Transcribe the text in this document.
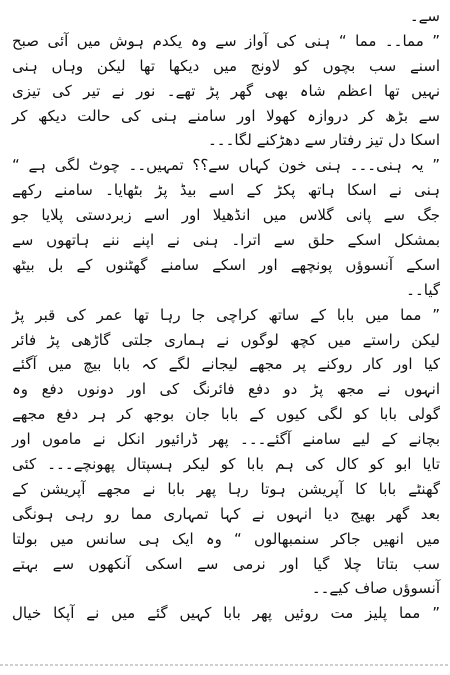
سے۔
” مما۔۔ مما “ ہنی کی آواز سے وہ یکدم ہوش میں آئی صبح
اسنے سب بچوں کو لاونج میں دیکھا تھا لیکن وہاں ہنی
نہیں تھا اعظم شاہ بھی گھر پڑ تھے۔ نور نے تیر کی تیزی
سے بڑھ کر دروازہ کھولا اور سامنے ہنی کی حالت دیکھ کر
اسکا دل تیز رفتار سے دھڑکنے لگا۔۔۔
” یہ ہنی۔۔۔ ہنی خون کہاں سے؟؟ تمہیں۔۔ چوٹ لگی ہے “
ہنی نے اسکا ہاتھ پکڑ کے اسے بیڈ پڑ بٹھایا۔ سامنے رکھے
جگ سے پانی گلاس میں انڈھیلا اور اسے زبردستی پلایا جو
بمشکل اسکے حلق سے اترا۔ ہنی نے اپنے ننے ہاتھوں سے
اسکے آنسوؤں پونچھے اور اسکے سامنے گھٹنوں کے بل بیٹھ
گیا۔۔
” مما میں بابا کے ساتھ کراچی جا رہا تھا عمر کی قبر پڑ
لیکن راستے میں کچھ لوگوں نے ہماری جلتی گاڑھی پڑ فائر
کیا اور کار روکنے پر مجھے لیجانے لگے کہ بابا بیچ میں آگئے
انہوں نے مجھ پڑ دو دفع فائرنگ کی اور دونوں دفع وہ
گولی بابا کو لگی کیوں کے بابا جان بوجھ کر ہر دفع مجھے
بچانے کے لیے سامنے آگئے۔۔۔ پھر ڈرائیور انکل نے ماموں اور
تایا ابو کو کال کی ہم بابا کو لیکر ہسپتال پھونچے۔۔۔ کئی
گھنٹے بابا کا آپریشن ہوتا رہا پھر بابا نے مجھے آپریشن کے
بعد گھر بھیج دیا انہوں نے کہا تمہاری مما رو رہی ہونگی
میں انھیں جاکر سنمبھالوں “ وہ ایک ہی سانس میں بولتا
سب بتاتا چلا گیا اور نرمی سے اسکی آنکھوں سے بہتے
آنسوؤں صاف کیے۔۔
” مما پلیز مت روئیں پھر بابا کہیں گئے میں نے آپکا خیال
